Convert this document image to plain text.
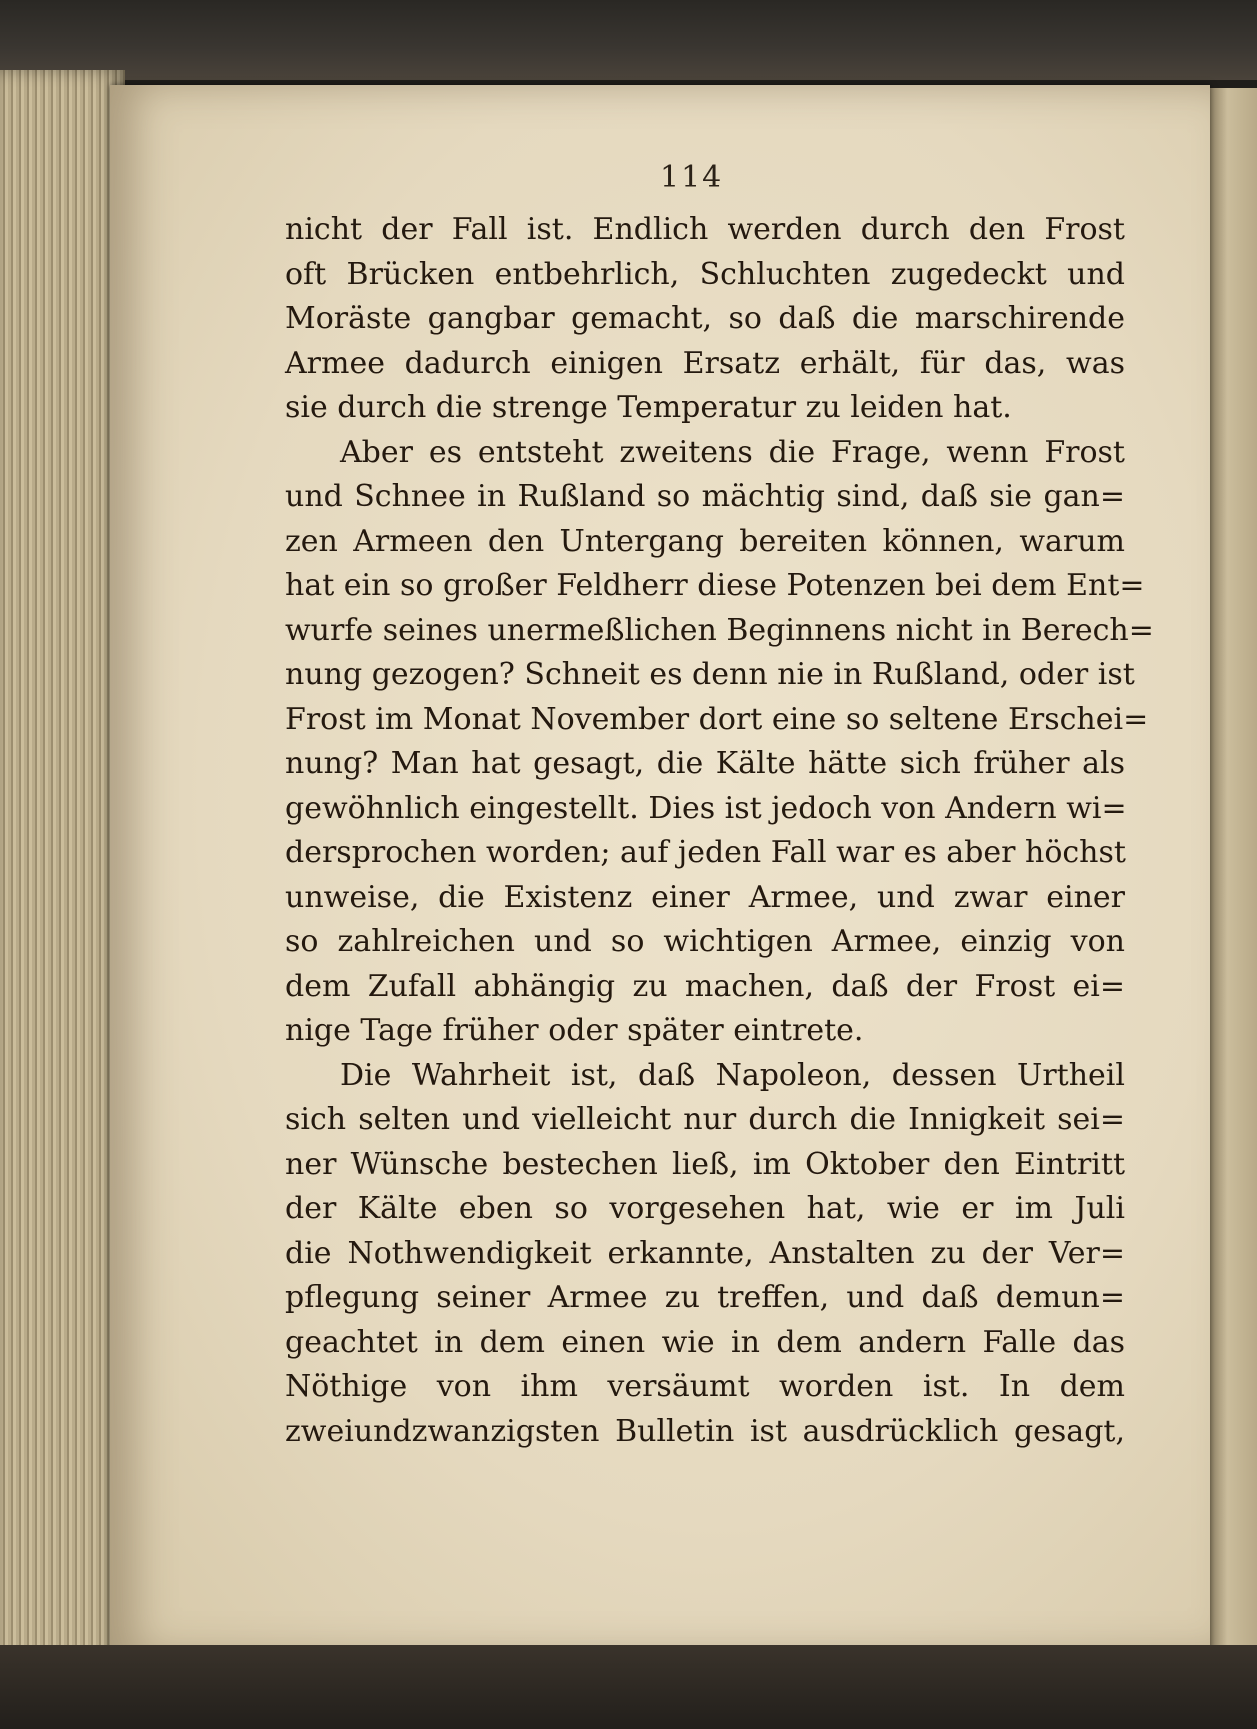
114
nicht der Fall ist. Endlich werden durch den Frost
oft Brücken entbehrlich, Schluchten zugedeckt und
Moräste gangbar gemacht, so daß die marschirende
Armee dadurch einigen Ersatz erhält, für das, was
sie durch die strenge Temperatur zu leiden hat.
Aber es entsteht zweitens die Frage, wenn Frost
und Schnee in Rußland so mächtig sind, daß sie gan=
zen Armeen den Untergang bereiten können, warum
hat ein so großer Feldherr diese Potenzen bei dem Ent=
wurfe seines unermeßlichen Beginnens nicht in Berech=
nung gezogen? Schneit es denn nie in Rußland, oder ist
Frost im Monat November dort eine so seltene Erschei=
nung? Man hat gesagt, die Kälte hätte sich früher als
gewöhnlich eingestellt. Dies ist jedoch von Andern wi=
dersprochen worden; auf jeden Fall war es aber höchst
unweise, die Existenz einer Armee, und zwar einer
so zahlreichen und so wichtigen Armee, einzig von
dem Zufall abhängig zu machen, daß der Frost ei=
nige Tage früher oder später eintrete.
Die Wahrheit ist, daß Napoleon, dessen Urtheil
sich selten und vielleicht nur durch die Innigkeit sei=
ner Wünsche bestechen ließ, im Oktober den Eintritt
der Kälte eben so vorgesehen hat, wie er im Juli
die Nothwendigkeit erkannte, Anstalten zu der Ver=
pflegung seiner Armee zu treffen, und daß demun=
geachtet in dem einen wie in dem andern Falle das
Nöthige von ihm versäumt worden ist. In dem
zweiundzwanzigsten Bulletin ist ausdrücklich gesagt,
